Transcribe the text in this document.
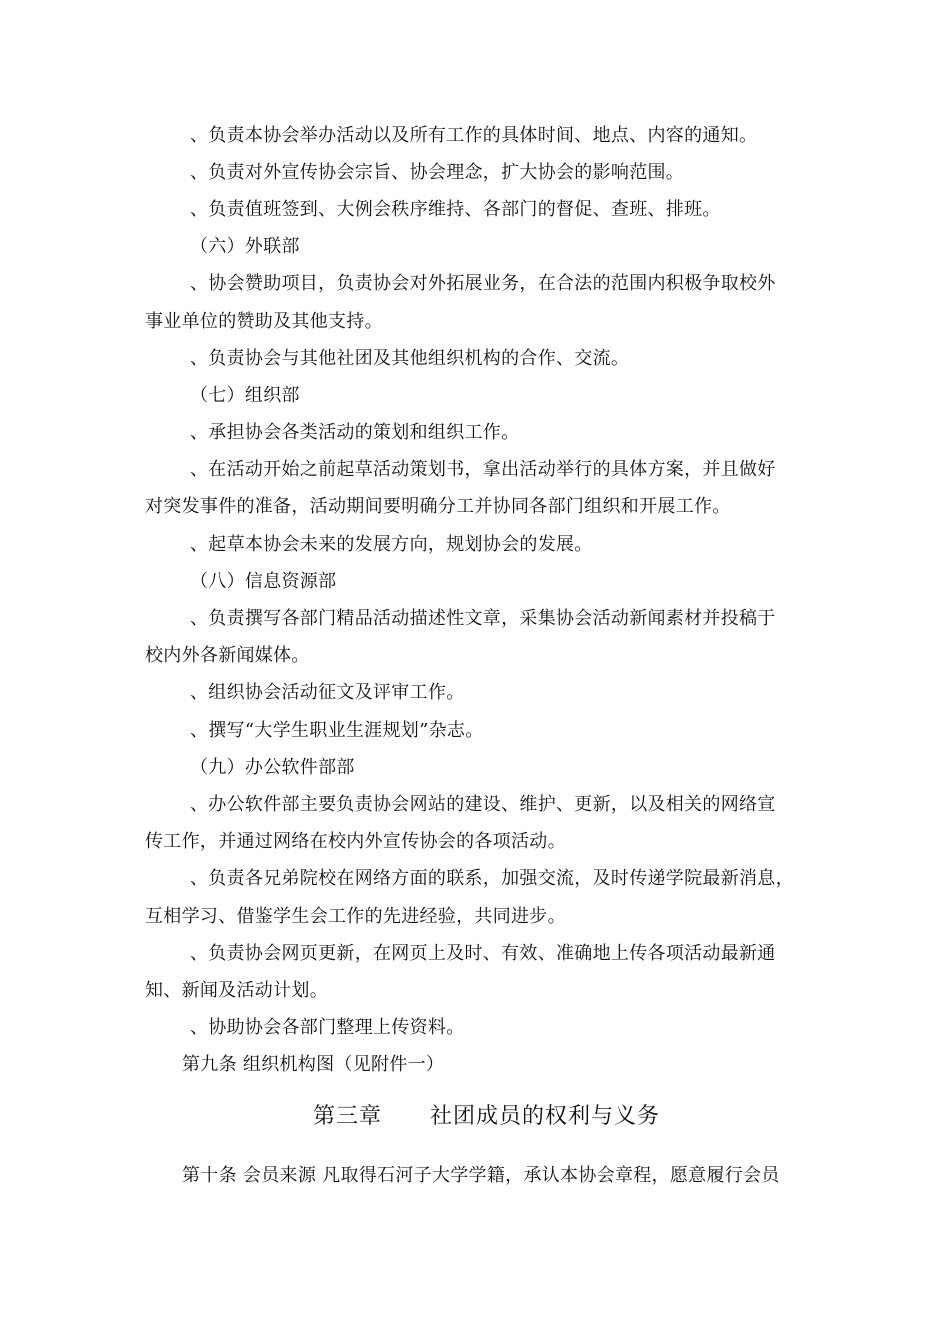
、负责本协会举办活动以及所有工作的具体时间、地点、内容的通知。
、负责对外宣传协会宗旨、协会理念，扩大协会的影响范围。
、负责值班签到、大例会秩序维持、各部门的督促、查班、排班。
（六）外联部
、协会赞助项目，负责协会对外拓展业务，在合法的范围内积极争取校外
事业单位的赞助及其他支持。
、负责协会与其他社团及其他组织机构的合作、交流。
（七）组织部
、承担协会各类活动的策划和组织工作。
、在活动开始之前起草活动策划书，拿出活动举行的具体方案，并且做好
对突发事件的准备，活动期间要明确分工并协同各部门组织和开展工作。
、起草本协会未来的发展方向，规划协会的发展。
（八）信息资源部
、负责撰写各部门精品活动描述性文章，采集协会活动新闻素材并投稿于
校内外各新闻媒体。
、组织协会活动征文及评审工作。
、撰写“大学生职业生涯规划”杂志。
（九）办公软件部部
、办公软件部主要负责协会网站的建设、维护、更新，以及相关的网络宣
传工作，并通过网络在校内外宣传协会的各项活动。
、负责各兄弟院校在网络方面的联系，加强交流，及时传递学院最新消息，
互相学习、借鉴学生会工作的先进经验，共同进步。
、负责协会网页更新，在网页上及时、有效、准确地上传各项活动最新通
知、新闻及活动计划。
、协助协会各部门整理上传资料。
第九条 组织机构图（见附件一）
第三章      社团成员的权利与义务
第十条 会员来源 凡取得石河子大学学籍，承认本协会章程，愿意履行会员
